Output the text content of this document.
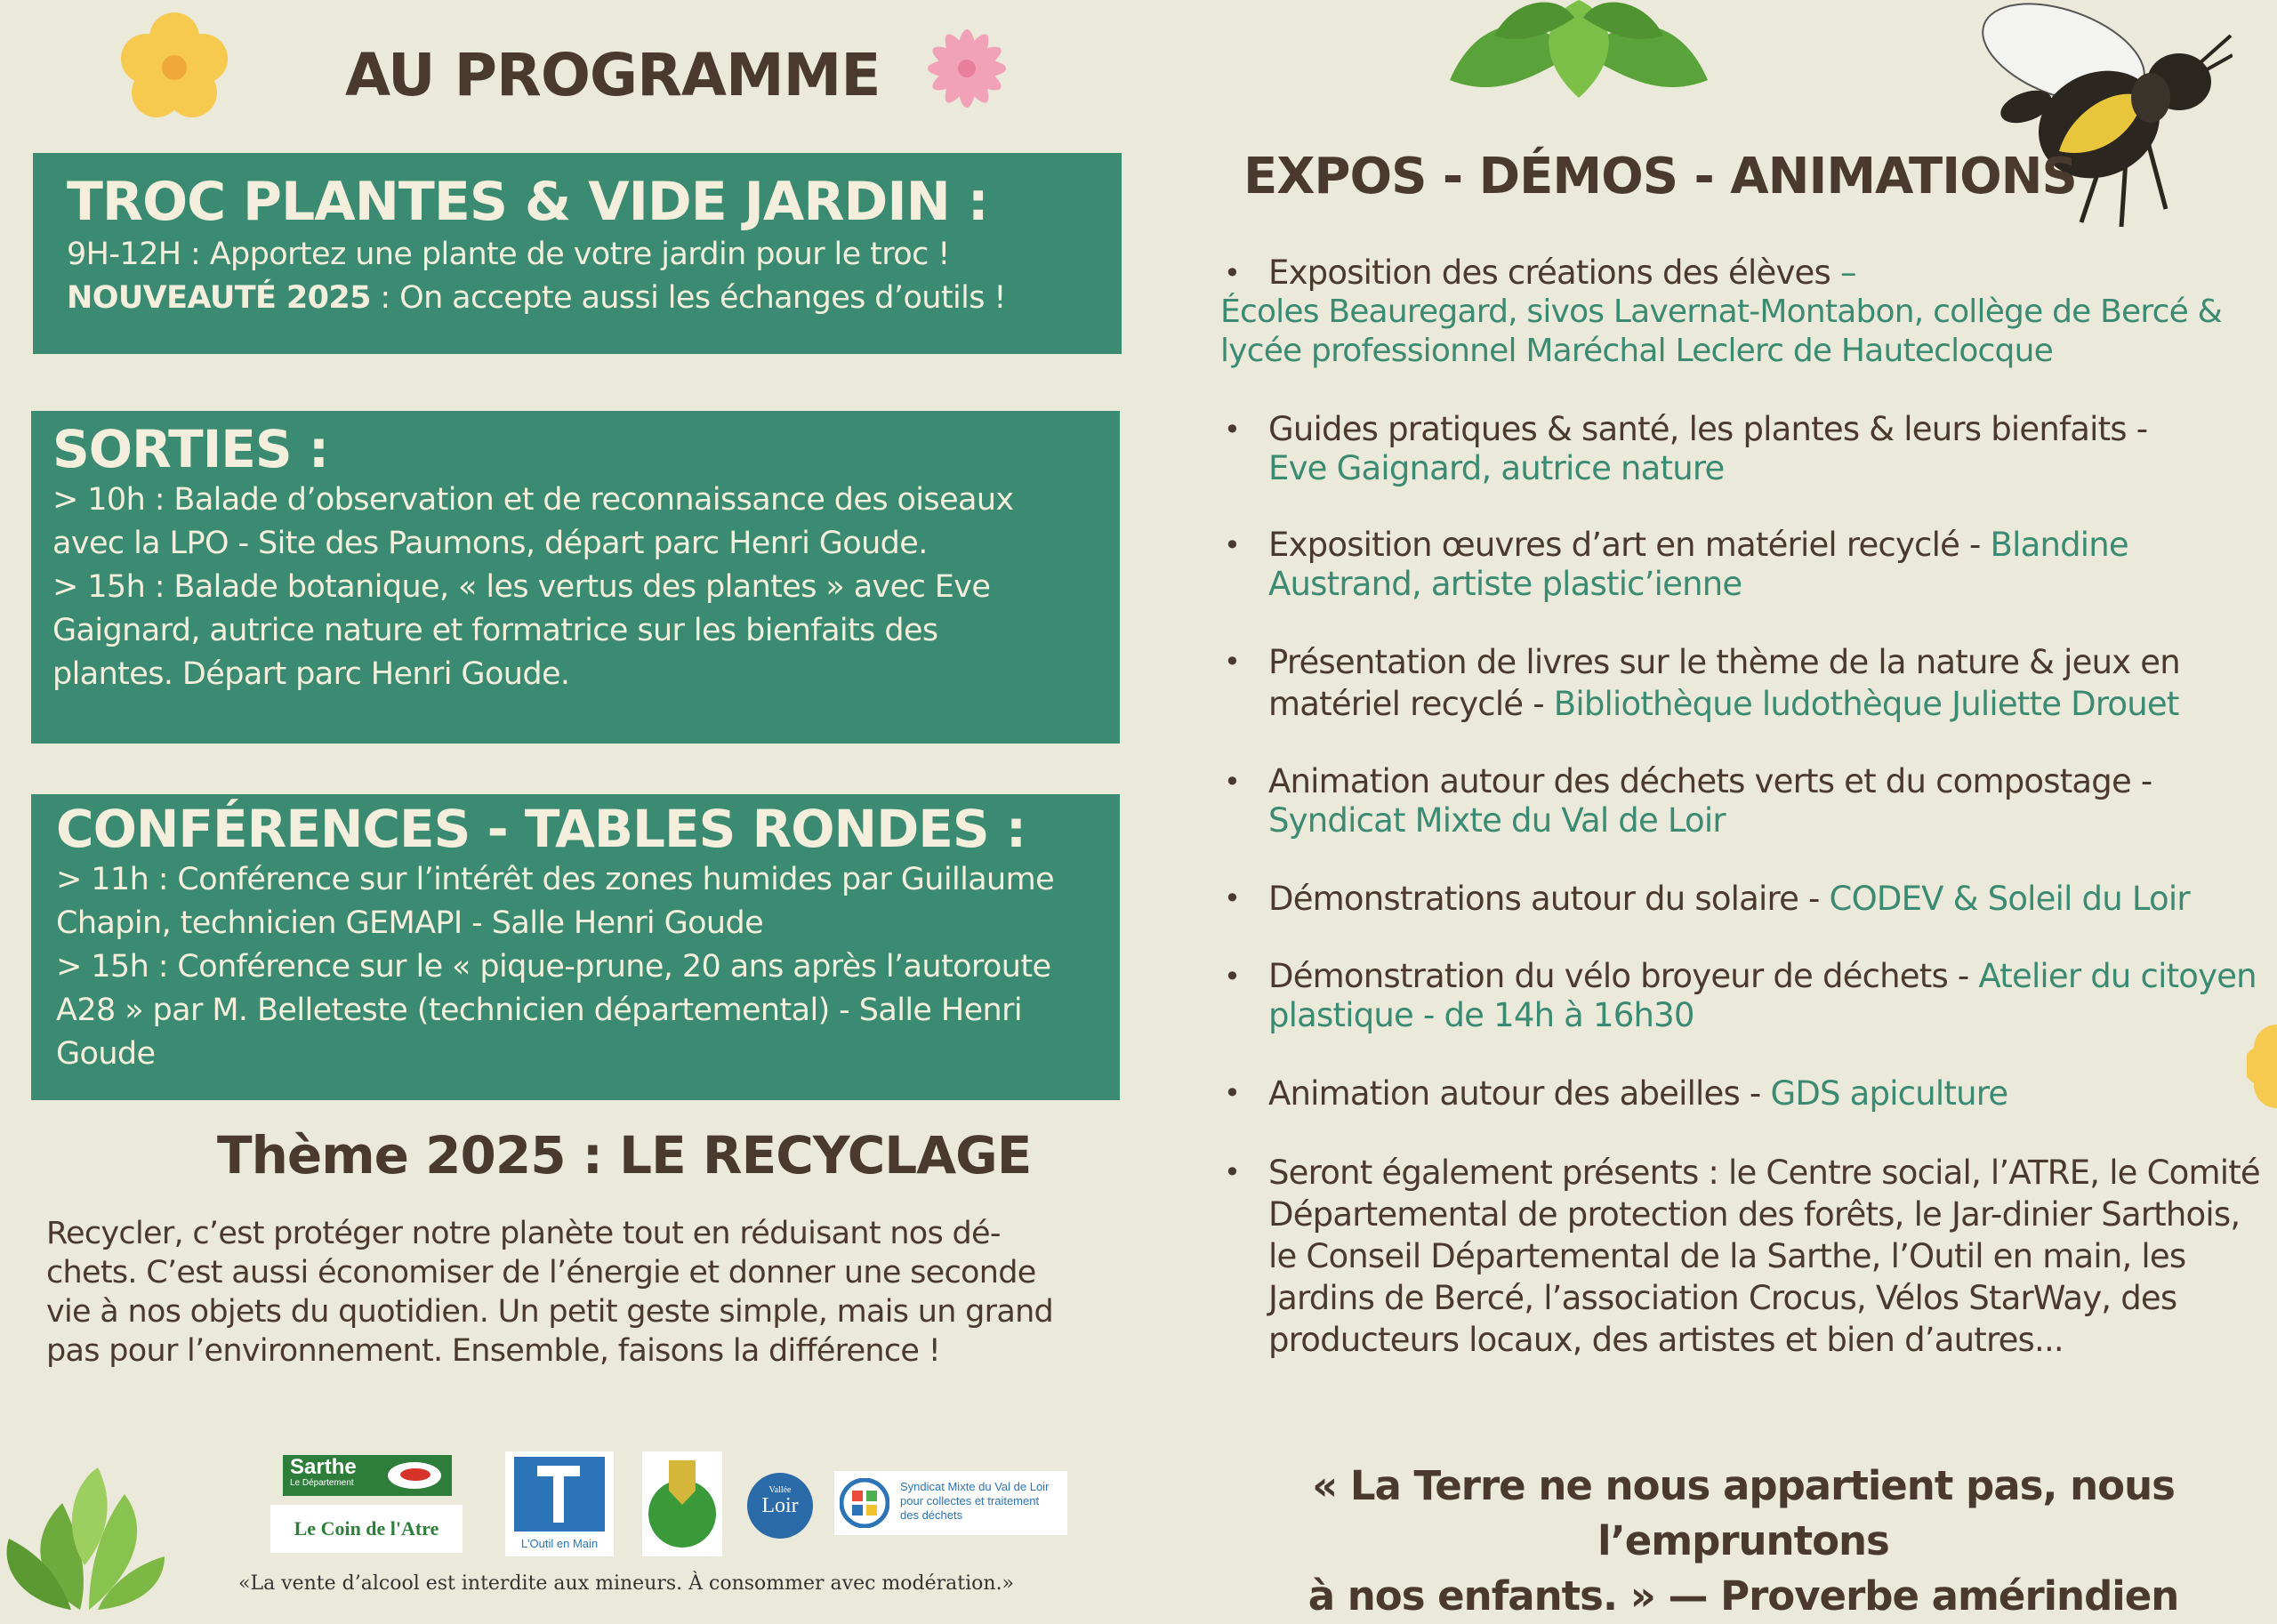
AU PROGRAMME
TROC PLANTES & VIDE JARDIN :
9H-12H : Apportez une plante de votre jardin pour le troc !
NOUVEAUTÉ 2025 : On accepte aussi les échanges d’outils !
SORTIES :
> 10h : Balade d’observation et de reconnaissance des oiseaux
avec la LPO - Site des Paumons, départ parc Henri Goude.
> 15h : Balade botanique, « les vertus des plantes » avec Eve
Gaignard, autrice nature et formatrice sur les bienfaits des
plantes. Départ parc Henri Goude.
CONFÉRENCES - TABLES RONDES :
> 11h : Conférence sur l’intérêt des zones humides par Guillaume
Chapin, technicien GEMAPI - Salle Henri Goude
> 15h : Conférence sur le « pique-prune, 20 ans après l’autoroute
A28 » par M. Belleteste (technicien départemental) - Salle Henri
Goude
Thème 2025 : LE RECYCLAGE
Recycler, c’est protéger notre planète tout en réduisant nos dé-
chets. C’est aussi économiser de l’énergie et donner une seconde
vie à nos objets du quotidien. Un petit geste simple, mais un grand
pas pour l’environnement. Ensemble, faisons la différence !
Sarthe
Le Département
Le Coin de l'Atre
L'Outil en Main
Vallée
Loir
Syndicat Mixte du Val de Loir
pour collectes et traitement
des déchets
«La vente d’alcool est interdite aux mineurs. À consommer avec modération.»
EXPOS - DÉMOS - ANIMATIONS
• Exposition des créations des élèves –
Écoles Beauregard, sivos Lavernat-Montabon, collège de Bercé &
lycée professionnel Maréchal Leclerc de Hauteclocque
• Guides pratiques & santé, les plantes & leurs bienfaits -
Eve Gaignard, autrice nature
• Exposition œuvres d’art en matériel recyclé - Blandine Austrand, artiste plastic’ienne
• Présentation de livres sur le thème de la nature & jeux en matériel recyclé - Bibliothèque ludothèque Juliette Drouet
• Animation autour des déchets verts et du compostage -
Syndicat Mixte du Val de Loir
• Démonstrations autour du solaire - CODEV & Soleil du Loir
• Démonstration du vélo broyeur de déchets - Atelier du citoyen plastique - de 14h à 16h30
• Animation autour des abeilles - GDS apiculture
• Seront également présents : le Centre social, l’ATRE, le Comité Départemental de protection des forêts, le Jar-dinier Sarthois, le Conseil Départemental de la Sarthe, l’Outil en main, les Jardins de Bercé, l’association Crocus, Vélos StarWay, des producteurs locaux, des artistes et bien d’autres...
« La Terre ne nous appartient pas, nous l’empruntons
à nos enfants. » — Proverbe amérindien
